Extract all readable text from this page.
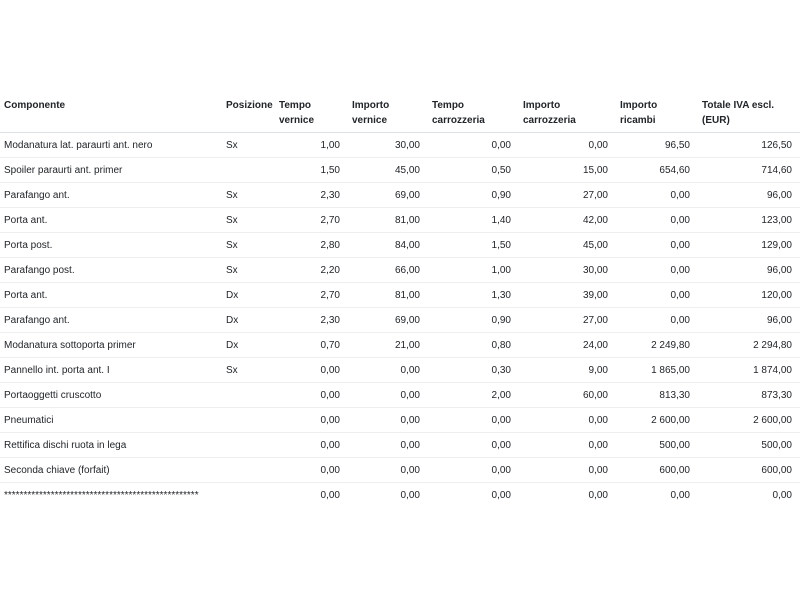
Componente	Posizione	Tempo vernice	Importo vernice	Tempo carrozzeria	Importo carrozzeria	Importo ricambi	Totale IVA escl. (EUR)
Modanatura lat. paraurti ant. nero	Sx	1,00	30,00	0,00	0,00	96,50	126,50
Spoiler paraurti ant. primer		1,50	45,00	0,50	15,00	654,60	714,60
Parafango ant.	Sx	2,30	69,00	0,90	27,00	0,00	96,00
Porta ant.	Sx	2,70	81,00	1,40	42,00	0,00	123,00
Porta post.	Sx	2,80	84,00	1,50	45,00	0,00	129,00
Parafango post.	Sx	2,20	66,00	1,00	30,00	0,00	96,00
Porta ant.	Dx	2,70	81,00	1,30	39,00	0,00	120,00
Parafango ant.	Dx	2,30	69,00	0,90	27,00	0,00	96,00
Modanatura sottoporta primer	Dx	0,70	21,00	0,80	24,00	2 249,80	2 294,80
Pannello int. porta ant. I	Sx	0,00	0,00	0,30	9,00	1 865,00	1 874,00
Portaoggetti cruscotto		0,00	0,00	2,00	60,00	813,30	873,30
Pneumatici		0,00	0,00	0,00	0,00	2 600,00	2 600,00
Rettifica dischi ruota in lega		0,00	0,00	0,00	0,00	500,00	500,00
Seconda chiave (forfait)		0,00	0,00	0,00	0,00	600,00	600,00
**************************************************		0,00	0,00	0,00	0,00	0,00	0,00
